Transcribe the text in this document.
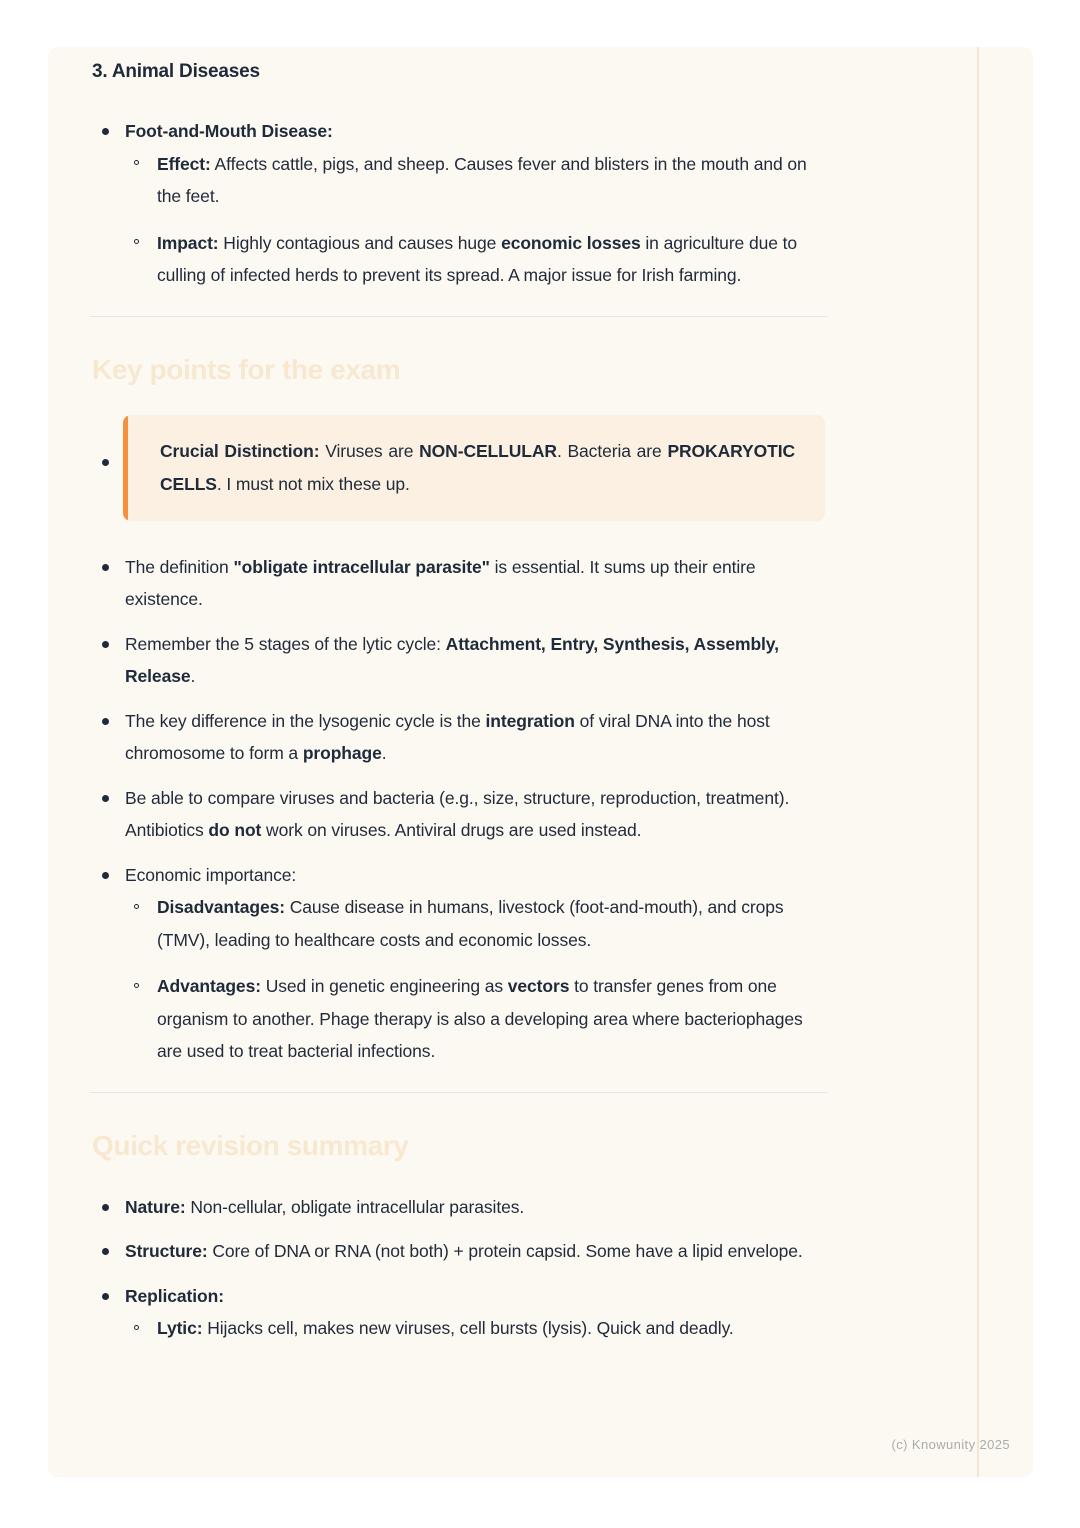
3. Animal Diseases

Foot-and-Mouth Disease:

Effect: Affects cattle, pigs, and sheep. Causes fever and blisters in the mouth and on the feet.

Impact: Highly contagious and causes huge economic losses in agriculture due to culling of infected herds to prevent its spread. A major issue for Irish farming.

Key points for the exam

Crucial Distinction: Viruses are NON-CELLULAR. Bacteria are PROKARYOTIC CELLS. I must not mix these up.

The definition "obligate intracellular parasite" is essential. It sums up their entire existence.

Remember the 5 stages of the lytic cycle: Attachment, Entry, Synthesis, Assembly, Release.

The key difference in the lysogenic cycle is the integration of viral DNA into the host chromosome to form a prophage.

Be able to compare viruses and bacteria (e.g., size, structure, reproduction, treatment). Antibiotics do not work on viruses. Antiviral drugs are used instead.

Economic importance:

Disadvantages: Cause disease in humans, livestock (foot-and-mouth), and crops (TMV), leading to healthcare costs and economic losses.

Advantages: Used in genetic engineering as vectors to transfer genes from one organism to another. Phage therapy is also a developing area where bacteriophages are used to treat bacterial infections.

Quick revision summary

Nature: Non-cellular, obligate intracellular parasites.

Structure: Core of DNA or RNA (not both) + protein capsid. Some have a lipid envelope.

Replication:

Lytic: Hijacks cell, makes new viruses, cell bursts (lysis). Quick and deadly.

(c) Knowunity 2025
